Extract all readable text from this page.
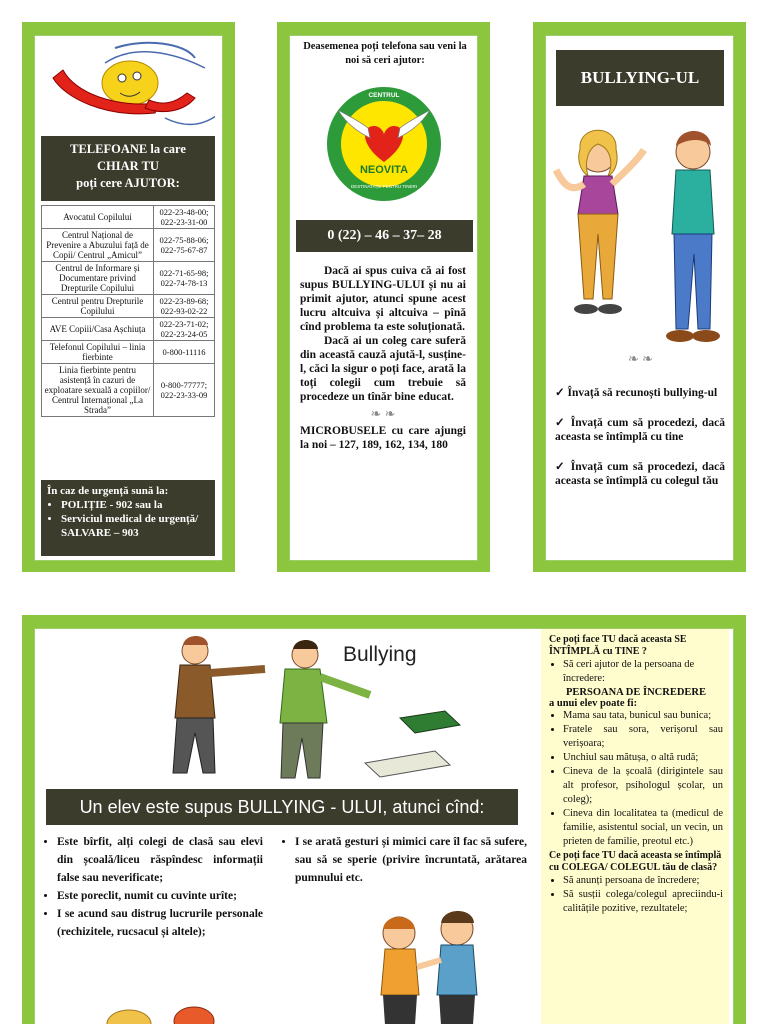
TELEFOANE la care
CHIAR TU
poți cere AJUTOR:
Avocatul Copilului	022-23-48-00;
022-23-31-00

Centrul Național de Prevenire a Abuzului față de Copii/ Centrul „Amicul”	022-75-88-06;
022-75-67-87

Centrul de Informare și Documentare privind Drepturile Copilului	022-71-65-98;
022-74-78-13

Centrul pentru Drepturile Copilului	022-23-89-68;
022-93-02-22

AVE Copiii/Casa Așchiuța	022-23-71-02;
022-23-24-05

Telefonul Copilului – linia fierbinte	0-800-11116

Linia fierbinte pentru asistență în cazuri de exploatare sexuală a copiilor/ Centrul Internațional „La Strada”	0-800-77777;
022-23-33-09
În caz de urgență sună la:
• POLIȚIE - 902 sau la
• Serviciul medical de urgență/ SALVARE – 903
Deasemenea poți telefona sau veni la noi să ceri ajutor:
CENTRUL
NEOVITA
DESTINATAȚE PENTRU TINERI
0 (22) – 46 – 37– 28

Dacă ai spus cuiva că ai fost supus BULLYING-ULUI și nu ai primit ajutor, atunci spune acest lucru altcuiva și altcuiva – pînă cînd problema ta este soluționată.

Dacă ai un coleg care suferă din această cauză ajută-l, susține-l, căci la sigur o poți face, arată la toți colegii cum trebuie să procedeze un tînăr bine educat.

❧ ❧

MICROBUSELE cu care ajungi la noi – 127, 189, 162, 134, 180

BULLYING-UL
❧ ❧
✓ Învață să recunoști bullying-ul
✓ Învață cum să procedezi, dacă aceasta se întîmplă cu tine
✓ Învață cum să procedezi, dacă aceasta se întîmplă cu colegul tău
Bullying
Un elev este supus BULLYING - ULUI, atunci cînd:
• Este bîrfit, alți colegi de clasă sau elevi din școală/liceu răspîndesc informații false sau neverificate;
• Este poreclit, numit cu cuvinte urîte;
• I se acund sau distrug lucrurile personale (rechizitele, rucsacul și altele);
• I se arată gesturi și mimici care îl fac să sufere, sau să se sperie (privire încruntată, arătarea pumnului etc.
Ce poți face TU dacă aceasta SE ÎNTÎMPLĂ cu TINE ?
• Să ceri ajutor de la persoana de încredere:
PERSOANA DE ÎNCREDERE
a unui elev poate fi:
• Mama sau tata, bunicul sau bunica;
• Fratele sau sora, verișorul sau verișoara;
• Unchiul sau mătușa, o altă rudă;
• Cineva de la școală (dirigintele sau alt profesor, psihologul școlar, un coleg);
• Cineva din localitatea ta (medicul de familie, asistentul social, un vecin, un prieten de familie, preotul etc.)
Ce poți face TU dacă aceasta se întîmplă cu COLEGA/ COLEGUL tău de clasă?
• Să anunți persoana de încredere;
• Să susții colega/colegul apreciindu-i calitățile pozitive, rezultatele;
